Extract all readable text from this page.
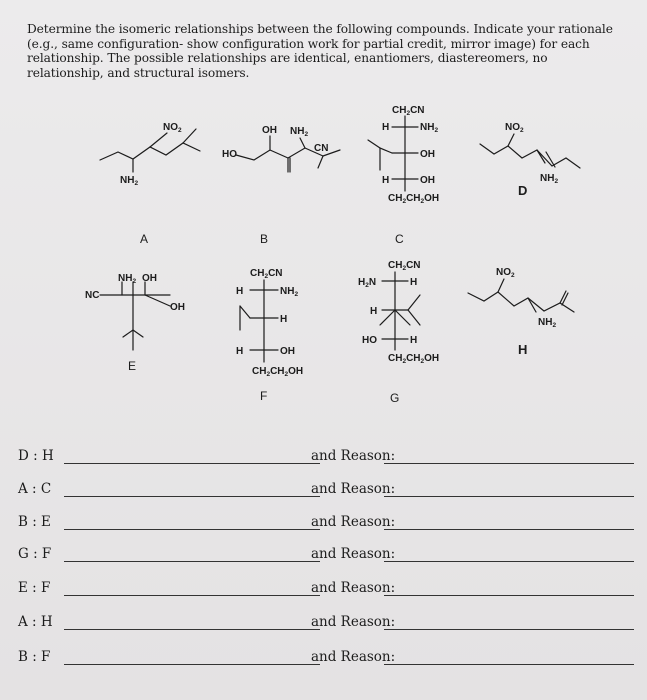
Determine the isomeric relationships between the following compounds. Indicate your rationale (e.g., same configuration- show configuration work for partial credit, mirror image) for each relationship. The possible relationships are identical, enantiomers, diastereomers, no relationship, and structural isomers.
$NO_2$
$NH_2$
A
HO
OH $NH_2$
CN
B
$CH_2CN$
H	$NH_2$
OH
H	OH
$CH_2CH_2OH$
C
$NO_2$
$NH_2$
D
$NH_2$ OH
NC
OH
E
$CH_2CN$
H	$NH_2$
H
H	OH
$CH_2CH_2OH$
F
$CH_2CN$
$H_2N$	H
H
HO	H
$CH_2CH_2OH$
G
$NO_2$
$NH_2$
H
D : H	and Reason:
A : C	and Reason:
B : E	and Reason:
G : F	and Reason:
E : F	and Reason:
A : H	and Reason:
B : F	and Reason:
